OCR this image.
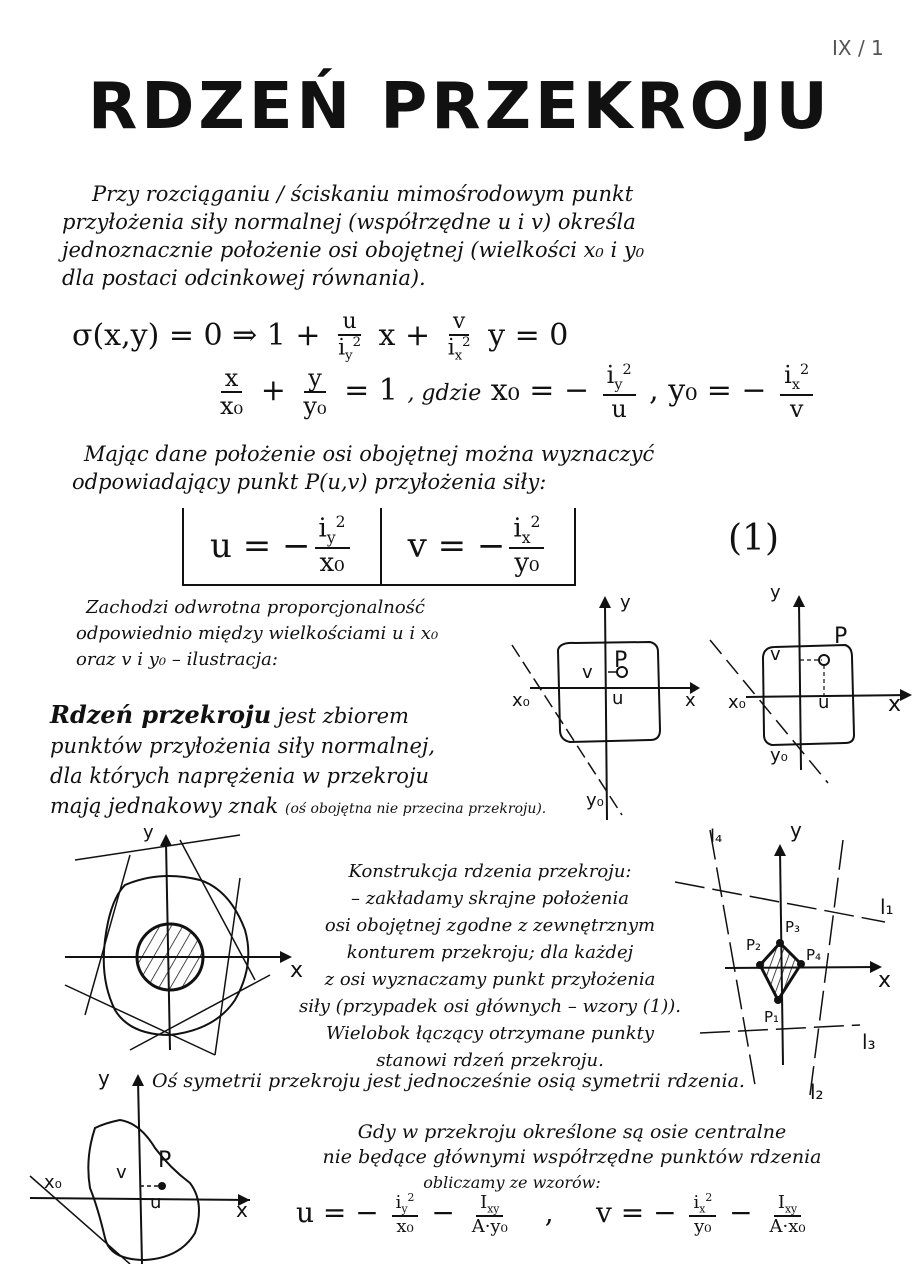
IX / 1
RDZEŃ PRZEKROJU
Przy rozciąganiu / ściskaniu mimośrodowym punkt
przyłożenia siły normalnej (współrzędne u i v) określa
jednoznacznie położenie osi obojętnej (wielkości x₀ i y₀
dla postaci odcinkowej równania).
σ(x,y) = 0 ⇒ $1 + \frac{u}{i_y^2}$ $x + \frac{v}{i_x^2}$ y = 0
$\frac{x}{\text{x₀}} + \frac{y}{\text{y₀}} = 1$ , gdzie x₀ = − $\frac{i_y^2}{u}$ , y₀ = − $\frac{i_x^2}{v}$
Mając dane położenie osi obojętnej można wyznaczyć
odpowiadający punkt P(u,v) przyłożenia siły:
u = − $\frac{i_y^2}{\text{x₀}}$ v = − $\frac{i_x^2}{\text{y₀}}$	(1)
Zachodzi odwrotna proporcjonalność
odpowiednio między wielkościami u i x₀
oraz v i y₀ – ilustracja:
y
x
P
v
u
x₀
y₀
y
x
P
v
u
x₀
y₀
Rdzeń przekroju jest zbiorem
punktów przyłożenia siły normalnej,
dla których naprężenia w przekroju
mają jednakowy znak (oś obojętna nie przecina przekroju).
y
x
Konstrukcja rdzenia przekroju:
– zakładamy skrajne położenia
osi obojętnej zgodne z zewnętrznym
konturem przekroju; dla każdej
z osi wyznaczamy punkt przyłożenia
siły (przypadek osi głównych – wzory (1)).
Wielobok łączący otrzymane punkty
stanowi rdzeń przekroju.
l₄	y
l₁
l₃
l₂
P₃
P₂
P₄
P₁
x
Oś symetrii przekroju jest jednocześnie osią symetrii rdzenia.
y
x
P
v
u
x₀
Gdy w przekroju określone są osie centralne
nie będące głównymi współrzędne punktów rdzenia
obliczamy ze wzorów:
u = − $\frac{i_y^2}{\text{x₀}} - \frac{I_{xy}}{\text{A·y₀}}$ , v = − $\frac{i_x^2}{\text{y₀}} - \frac{I_{xy}}{\text{A·x₀}}$
